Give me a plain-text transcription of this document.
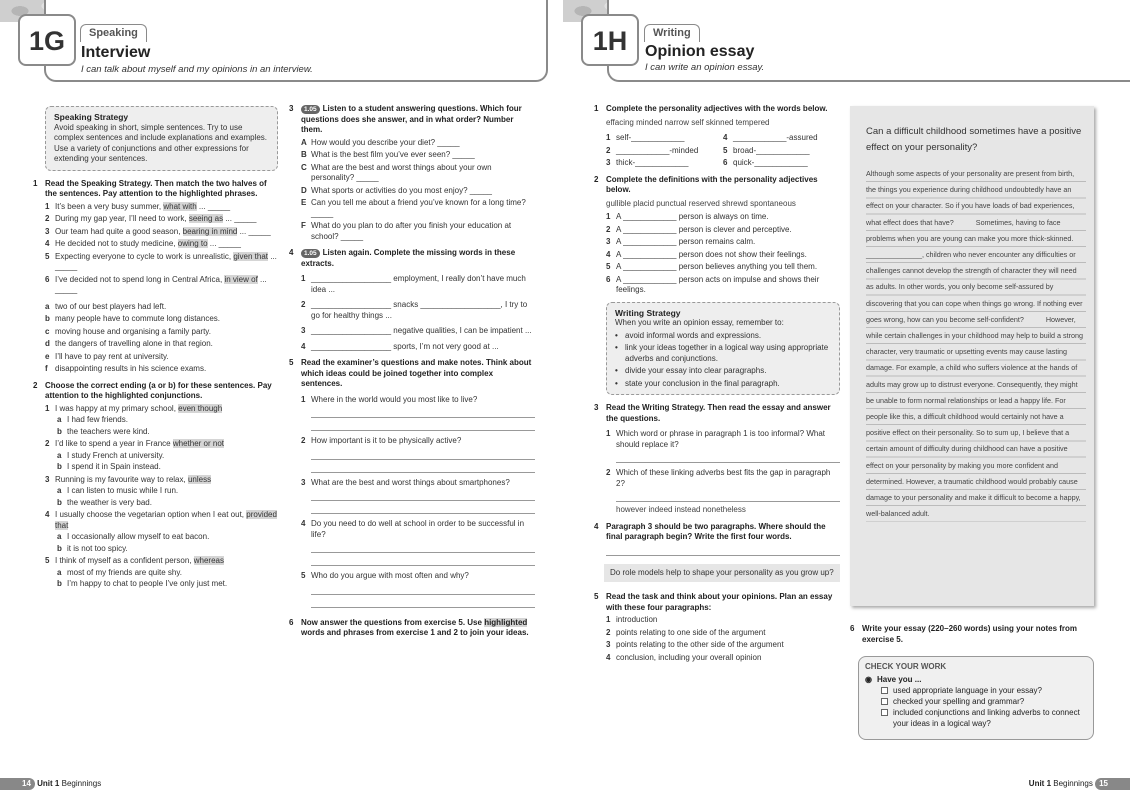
1G	1H
Speaking	Writing
Interview	Opinion essay
I can talk about myself and my opinions in an interview.	I can write an opinion essay.
Speaking Strategy
Avoid speaking in short, simple sentences. Try to use complex sentences and include explanations and examples. Use a variety of conjunctions and other expressions for extending your sentences.
1 Read the Speaking Strategy. Then match the two halves of the sentences. Pay attention to the highlighted phrases.
1 It’s been a very busy summer, what with ... _____
2 During my gap year, I’ll need to work, seeing as ... _____
3 Our team had quite a good season, bearing in mind ... _____
4 He decided not to study medicine, owing to ... _____
5 Expecting everyone to cycle to work is unrealistic, given that ... _____
6 I’ve decided not to spend long in Central Africa, in view of ... _____
a two of our best players had left.
b many people have to commute long distances.
c moving house and organising a family party.
d the dangers of travelling alone in that region.
e I’ll have to pay rent at university.
f disappointing results in his science exams.
2 Choose the correct ending (a or b) for these sentences. Pay attention to the highlighted conjunctions.
1 I was happy at my primary school, even though
a I had few friends.
b the teachers were kind.
2 I’d like to spend a year in France whether or not
a I study French at university.
b I spend it in Spain instead.
3 Running is my favourite way to relax, unless
a I can listen to music while I run.
b the weather is very bad.
4 I usually choose the vegetarian option when I eat out, provided that
a I occasionally allow myself to eat bacon.
b it is not too spicy.
5 I think of myself as a confident person, whereas
a most of my friends are quite shy.
b I’m happy to chat to people I’ve only just met.
3	1.05 Listen to a student answering questions. Which four questions does she answer, and in what order? Number them.
A How would you describe your diet? _____
B What is the best film you’ve ever seen? _____
C What are the best and worst things about your own personality? _____
D What sports or activities do you most enjoy? _____
E Can you tell me about a friend you’ve known for a long time? _____
F What do you plan to do after you finish your education at school? _____
4	1.05 Listen again. Complete the missing words in these extracts.
1 __________________ employment, I really don’t have much idea ...
2 __________________ snacks __________________, I try to go for healthy things ...
3 __________________ negative qualities, I can be impatient ...
4 __________________ sports, I’m not very good at ...
5 Read the examiner’s questions and make notes. Think about which ideas could be joined together into complex sentences.
1 Where in the world would you most like to live?
2 How important is it to be physically active?
3 What are the best and worst things about smartphones?
4 Do you need to do well at school in order to be successful in life?
5 Who do you argue with most often and why?
6 Now answer the questions from exercise 5. Use highlighted words and phrases from exercise 1 and 2 to join your ideas.
1 Complete the personality adjectives with the words below.
effacing minded narrow self skinned tempered
1 self-____________	4 ____________-assured
2 ____________-minded	5 broad-____________
3 thick-____________	6 quick-____________
2 Complete the definitions with the personality adjectives below.
gullible placid punctual reserved shrewd spontaneous
1 A ____________ person is always on time.
2 A ____________ person is clever and perceptive.
3 A ____________ person remains calm.
4 A ____________ person does not show their feelings.
5 A ____________ person believes anything you tell them.
6 A ____________ person acts on impulse and shows their feelings.
Writing Strategy
When you write an opinion essay, remember to:
• avoid informal words and expressions.
• link your ideas together in a logical way using appropriate adverbs and conjunctions.
• divide your essay into clear paragraphs.
• state your conclusion in the final paragraph.
3 Read the Writing Strategy. Then read the essay and answer the questions.
1 Which word or phrase in paragraph 1 is too informal? What should replace it?
2 Which of these linking adverbs best fits the gap in paragraph 2?
however indeed instead nonetheless
4 Paragraph 3 should be two paragraphs. Where should the final paragraph begin? Write the first four words.
Do role models help to shape your personality as you grow up?
5 Read the task and think about your opinions. Plan an essay with these four paragraphs:
1 introduction
2 points relating to one side of the argument
3 points relating to the other side of the argument
4 conclusion, including your overall opinion
Can a difficult childhood sometimes have a positive effect on your personality?
Although some aspects of your personality are present from birth, the things you experience during childhood undoubtedly have an effect on your character. So if you have loads of bad experiences, what effect does that have?	Sometimes, having to face problems when you are young can make you more thick-skinned. ______________, children who never encounter any difficulties or challenges cannot develop the strength of character they will need as adults. In other words, you only become self-assured by discovering that you can cope when things go wrong. If nothing ever goes wrong, how can you become self-confident?	However, while certain challenges in your childhood may help to build a strong character, very traumatic or upsetting events may cause lasting damage. For example, a child who suffers violence at the hands of adults may grow up to distrust everyone. Consequently, they might be unable to form normal relationships or lead a happy life. For people like this, a difficult childhood would certainly not have a positive effect on their personality. So to sum up, I believe that a certain amount of difficulty during childhood can have a positive effect on your personality by making you more confident and determined. However, a traumatic childhood would probably cause damage to your personality and make it difficult to become a happy, well-balanced adult.
6 Write your essay (220–260 words) using your notes from exercise 5.
CHECK YOUR WORK
◉ Have you ...
used appropriate language in your essay?
checked your spelling and grammar?
included conjunctions and linking adverbs to connect your ideas in a logical way?
14 Unit 1 Beginnings	Unit 1 Beginnings 15
